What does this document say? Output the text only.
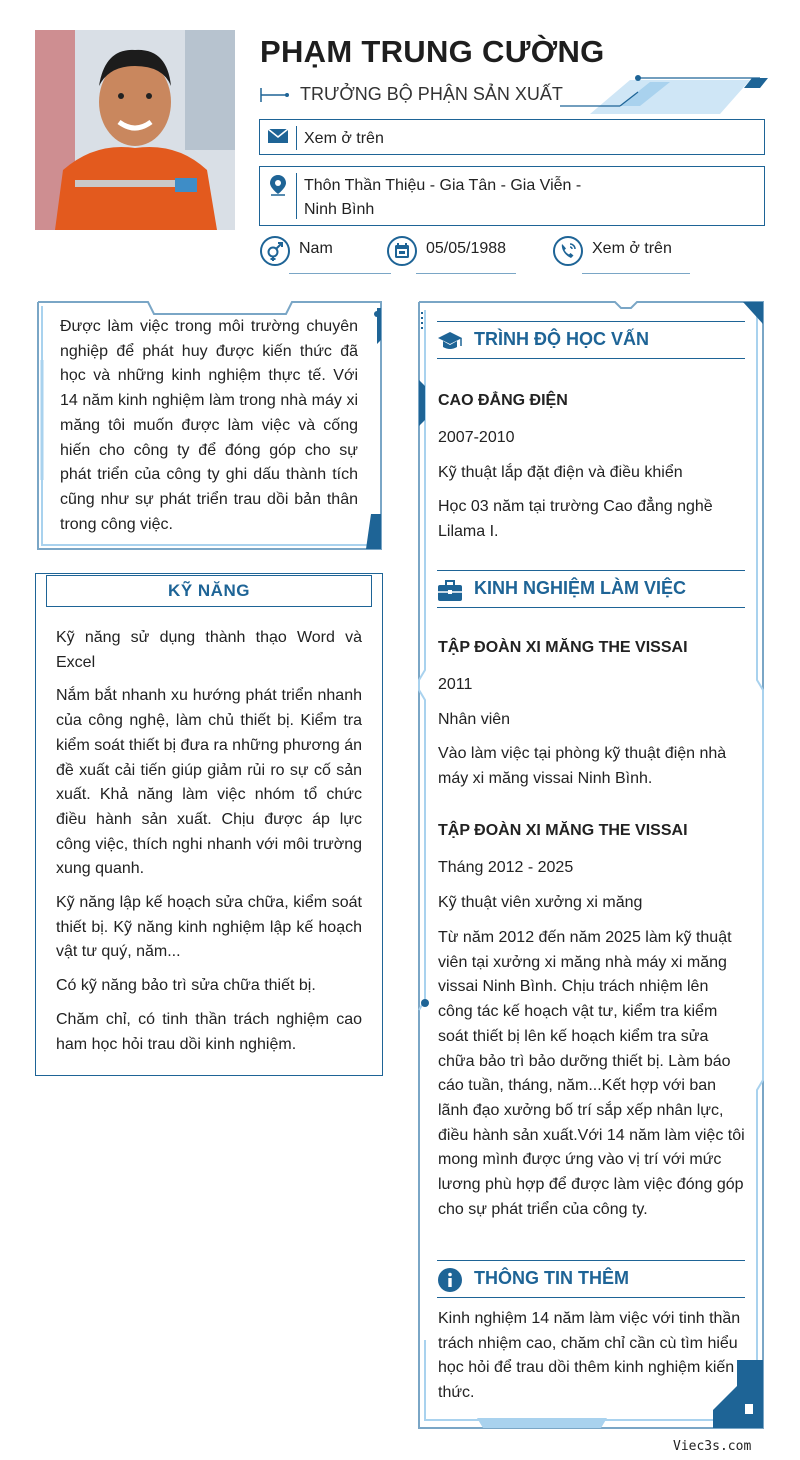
PHẠM TRUNG CƯỜNG
TRƯỞNG BỘ PHẬN SẢN XUẤT
Xem ở trên
Thôn Thần Thiệu - Gia Tân - Gia Viễn -
Ninh Bình
Nam	05/05/1988	Xem ở trên
Được làm việc trong môi trường chuyên nghiệp để phát huy được kiến thức đã học và những kinh nghiệm thực tế. Với 14 năm kinh nghiệm làm trong nhà máy xi măng tôi muốn được làm việc và cống hiến cho công ty để đóng góp cho sự phát triển của công ty ghi dấu thành tích cũng như sự phát triển trau dồi bản thân trong công việc.
KỸ NĂNG

Kỹ năng sử dụng thành thạo Word và Excel

Nắm bắt nhanh xu hướng phát triển nhanh của công nghệ, làm chủ thiết bị. Kiểm tra kiểm soát thiết bị đưa ra những phương án đề xuất cải tiến giúp giảm rủi ro sự cố sản xuất. Khả năng làm việc nhóm tổ chức điều hành sản xuất. Chịu được áp lực công việc, thích nghi nhanh với môi trường xung quanh.

Kỹ năng lập kế hoạch sửa chữa, kiểm soát thiết bị. Kỹ năng kinh nghiệm lập kế hoạch vật tư quý, năm...

Có kỹ năng bảo trì sửa chữa thiết bị.

Chăm chỉ, có tinh thần trách nghiệm cao ham học hỏi trau dồi kinh nghiệm.

TRÌNH ĐỘ HỌC VẤN
CAO ĐẲNG ĐIỆN
2007-2010
Kỹ thuật lắp đặt điện và điều khiển
Học 03 năm tại trường Cao đẳng nghề Lilama I.
KINH NGHIỆM LÀM VIỆC
TẬP ĐOÀN XI MĂNG THE VISSAI
2011
Nhân viên
Vào làm việc tại phòng kỹ thuật điện nhà máy xi măng vissai Ninh Bình.
TẬP ĐOÀN XI MĂNG THE VISSAI
Tháng 2012 - 2025
Kỹ thuật viên xưởng xi măng
Từ năm 2012 đến năm 2025 làm kỹ thuật viên tại xưởng xi măng nhà máy xi măng vissai Ninh Bình. Chịu trách nhiệm lên công tác kế hoạch vật tư, kiểm tra kiểm soát thiết bị lên kế hoạch kiểm tra sửa chữa bảo trì bảo dưỡng thiết bị. Làm báo cáo tuần, tháng, năm...Kết hợp với ban lãnh đạo xưởng bố trí sắp xếp nhân lực, điều hành sản xuất.Với 14 năm làm việc tôi mong mình được ứng vào vị trí với mức lương phù hợp để được làm việc đóng góp cho sự phát triển của công ty.
THÔNG TIN THÊM
Kinh nghiệm 14 năm làm việc với tinh thần trách nhiệm cao, chăm chỉ cần cù tìm hiểu học hỏi để trau dồi thêm kinh nghiệm kiến thức.
Viec3s.com
